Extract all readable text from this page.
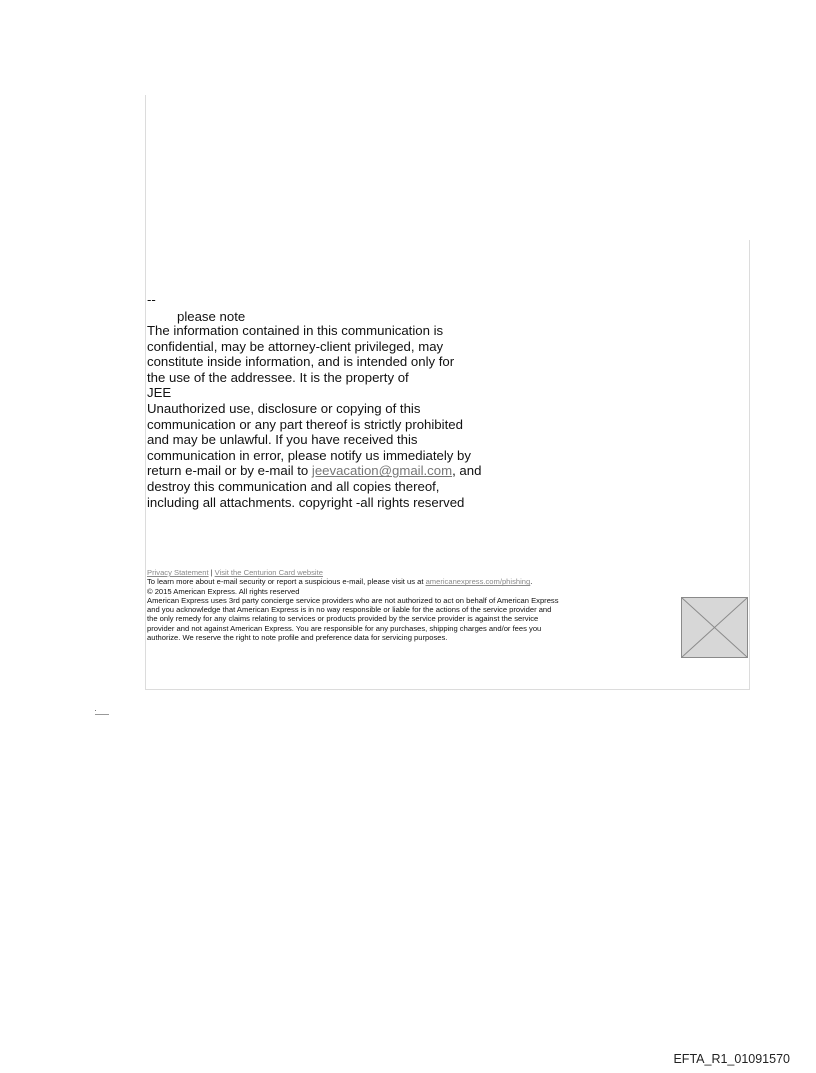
--
please note
The information contained in this communication is
confidential, may be attorney-client privileged, may
constitute inside information, and is intended only for
the use of the addressee. It is the property of
JEE
Unauthorized use, disclosure or copying of this
communication or any part thereof is strictly prohibited
and may be unlawful. If you have received this
communication in error, please notify us immediately by
return e-mail or by e-mail to jeevacation@gmail.com, and
destroy this communication and all copies thereof,
including all attachments. copyright -all rights reserved
Privacy Statement | Visit the Centurion Card website
To learn more about e-mail security or report a suspicious e-mail, please visit us at americanexpress.com/phishing.
© 2015 American Express. All rights reserved
American Express uses 3rd party concierge service providers who are not authorized to act on behalf of American Express
and you acknowledge that American Express is in no way responsible or liable for the actions of the service provider and
the only remedy for any claims relating to services or products provided by the service provider is against the service
provider and not against American Express. You are responsible for any purchases, shipping charges and/or fees you
authorize. We reserve the right to note profile and preference data for servicing purposes.
EFTA_R1_01091570
